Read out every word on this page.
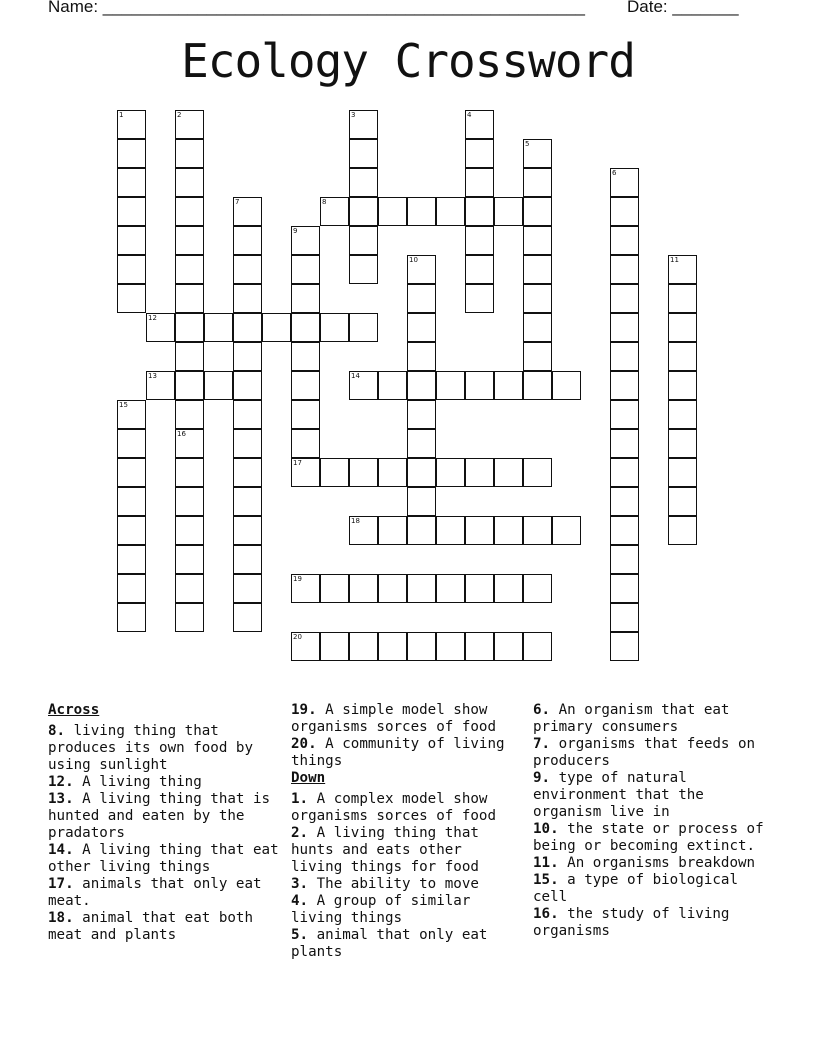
Name: ___________________________________________________ Date: _______
Ecology Crossword
1	2	3	4
5
6
7	8
9
10	11
12
13	14
15
16
17
18
19
20
Across
8. living thing that produces its own food by using sunlight
12. A living thing
13. A living thing that is hunted and eaten by the pradators
14. A living thing that eat other living things
17. animals that only eat meat.
18. animal that eat both meat and plants
19. A simple model show organisms sorces of food
20. A community of living things
Down
1. A complex model show organisms sorces of food
2. A living thing that hunts and eats other living things for food
3. The ability to move
4. A group of similar living things
5. animal that only eat plants
6. An organism that eat primary consumers
7. organisms that feeds on producers
9. type of natural environment that the organism live in
10. the state or process of being or becoming extinct.
11. An organisms breakdown
15. a type of biological cell
16. the study of living organisms
